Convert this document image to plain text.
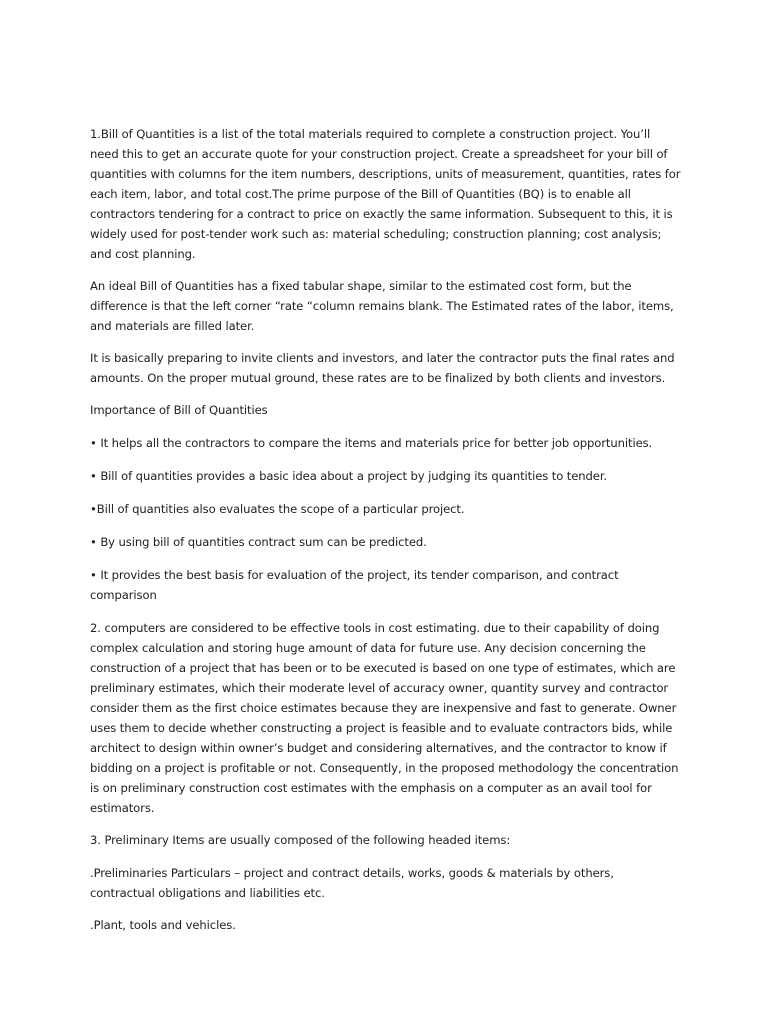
1.Bill of Quantities is a list of the total materials required to complete a construction project. You’ll need this to get an accurate quote for your construction project. Create a spreadsheet for your bill of quantities with columns for the item numbers, descriptions, units of measurement, quantities, rates for each item, labor, and total cost.The prime purpose of the Bill of Quantities (BQ) is to enable all contractors tendering for a contract to price on exactly the same information. Subsequent to this, it is widely used for post-tender work such as: material scheduling; construction planning; cost analysis; and cost planning.

An ideal Bill of Quantities has a fixed tabular shape, similar to the estimated cost form, but the difference is that the left corner “rate “column remains blank. The Estimated rates of the labor, items, and materials are filled later.

It is basically preparing to invite clients and investors, and later the contractor puts the final rates and amounts. On the proper mutual ground, these rates are to be finalized by both clients and investors.

Importance of Bill of Quantities

• It helps all the contractors to compare the items and materials price for better job opportunities.

• Bill of quantities provides a basic idea about a project by judging its quantities to tender.

•Bill of quantities also evaluates the scope of a particular project.

• By using bill of quantities contract sum can be predicted.

• It provides the best basis for evaluation of the project, its tender comparison, and contract comparison

2. computers are considered to be effective tools in cost estimating. due to their capability of doing complex calculation and storing huge amount of data for future use. Any decision concerning the construction of a project that has been or to be executed is based on one type of estimates, which are preliminary estimates, which their moderate level of accuracy owner, quantity survey and contractor consider them as the first choice estimates because they are inexpensive and fast to generate. Owner uses them to decide whether constructing a project is feasible and to evaluate contractors bids, while architect to design within owner’s budget and considering alternatives, and the contractor to know if bidding on a project is profitable or not. Consequently, in the proposed methodology the concentration is on preliminary construction cost estimates with the emphasis on a computer as an avail tool for estimators.

3. Preliminary Items are usually composed of the following headed items:

.Preliminaries Particulars – project and contract details, works, goods & materials by others, contractual obligations and liabilities etc.

.Plant, tools and vehicles.
